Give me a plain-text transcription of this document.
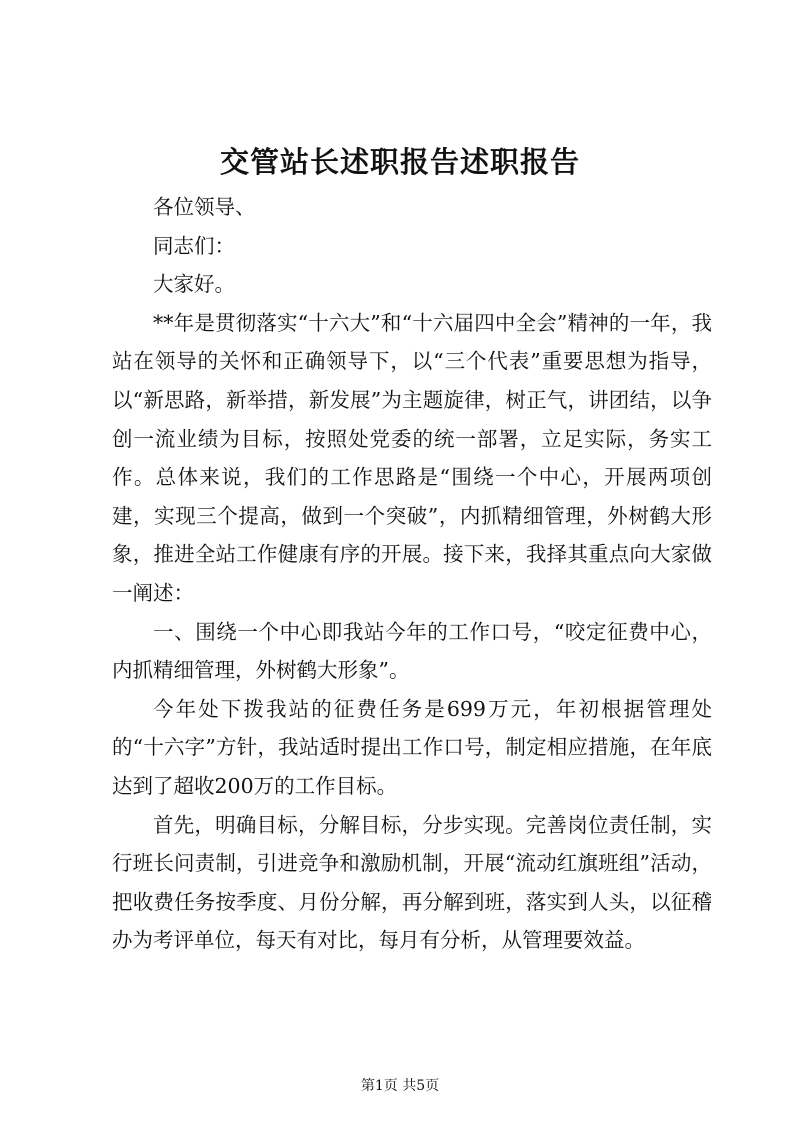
交管站长述职报告述职报告

各位领导、

同志们：

大家好。

**年是贯彻落实“十六大”和“十六届四中全会”精神的一年，我站在领导的关怀和正确领导下，以“三个代表”重要思想为指导，以“新思路，新举措，新发展”为主题旋律，树正气，讲团结，以争创一流业绩为目标，按照处党委的统一部署，立足实际，务实工作。总体来说，我们的工作思路是“围绕一个中心，开展两项创建，实现三个提高，做到一个突破”，内抓精细管理，外树鹤大形象，推进全站工作健康有序的开展。接下来，我择其重点向大家做一阐述：

一、围绕一个中心即我站今年的工作口号，“咬定征费中心，内抓精细管理，外树鹤大形象”。

今年处下拨我站的征费任务是699万元，年初根据管理处的“十六字”方针，我站适时提出工作口号，制定相应措施，在年底达到了超收200万的工作目标。

首先，明确目标，分解目标，分步实现。完善岗位责任制，实行班长问责制，引进竞争和激励机制，开展“流动红旗班组”活动，把收费任务按季度、月份分解，再分解到班，落实到人头，以征稽办为考评单位，每天有对比，每月有分析，从管理要效益。

第1页 共5页
